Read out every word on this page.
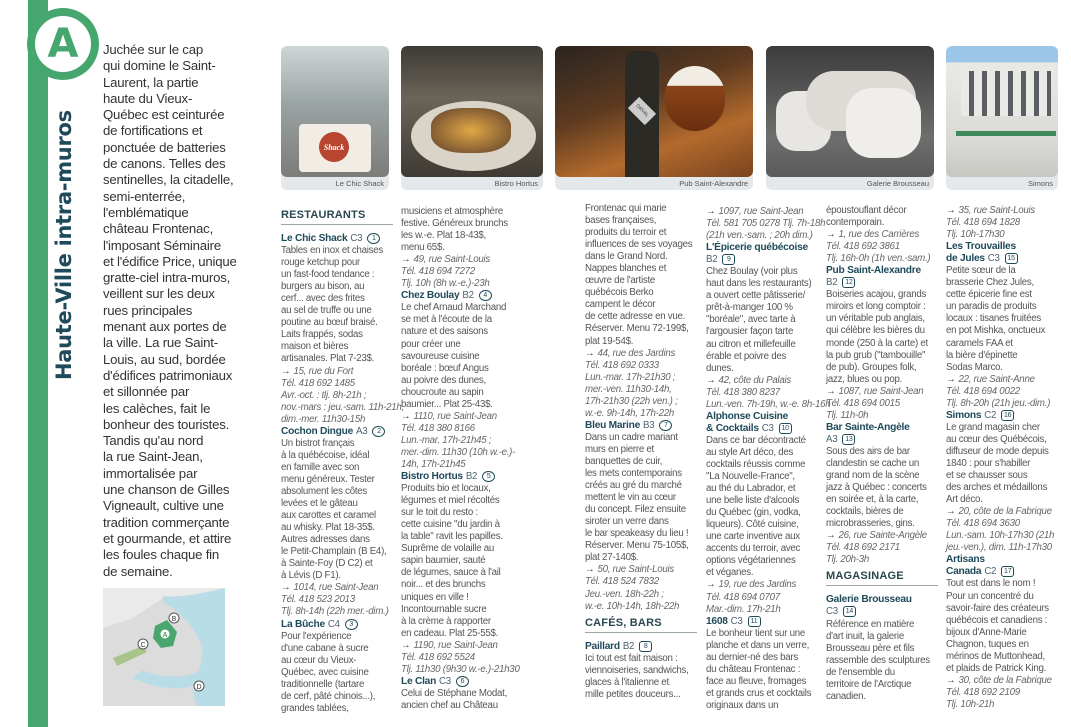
A
Haute-Ville intra-muros
Juchée sur le cap
qui domine le Saint-
Laurent, la partie
haute du Vieux-
Québec est ceinturée
de fortifications et
ponctuée de batteries
de canons. Telles des
sentinelles, la citadelle,
semi-enterrée,
l'emblématique
château Frontenac,
l'imposant Séminaire
et l'édifice Price, unique
gratte-ciel intra-muros,
veillent sur les deux
rues principales
menant aux portes de
la ville. La rue Saint-
Louis, au sud, bordée
d'édifices patrimoniaux
et sillonnée par
les calèches, fait le
bonheur des touristes.
Tandis qu'au nord
la rue Saint-Jean,
immortalisée par
une chanson de Gilles
Vigneault, cultive une
tradition commerçante
et gourmande, et attire
les foules chaque fin
de semaine.
A
B
C
D
Shack
Le Chic Shack	Bistro Hortus
ORVAL
Pub Saint-Alexandre	Galerie Brousseau	Simons
RESTAURANTS
Le Chic Shack C3 1
Tables en inox et chaises
rouge ketchup pour
un fast-food tendance :
burgers au bison, au
cerf... avec des frites
au sel de truffe ou une
poutine au bœuf braisé.
Laits frappés, sodas
maison et bières
artisanales. Plat 7-23$.
→ 15, rue du Fort
Tél. 418 692 1485
Avr.-oct. : tlj. 8h-21h ;
nov.-mars : jeu.-sam. 11h-21h,
dim.-mer. 11h30-15h
Cochon Dingue A3 2
Un bistrot français
à la québécoise, idéal
en famille avec son
menu généreux. Tester
absolument les côtes
levées et le gâteau
aux carottes et caramel
au whisky. Plat 18-35$.
Autres adresses dans
le Petit-Champlain (B E4),
à Sainte-Foy (D C2) et
à Lévis (D F1).
→ 1014, rue Saint-Jean
Tél. 418 523 2013
Tlj. 8h-14h (22h mer.-dim.)
La Bûche C4 3
Pour l'expérience
d'une cabane à sucre
au cœur du Vieux-
Québec, avec cuisine
traditionnelle (tartare
de cerf, pâté chinois...),
grandes tablées,
musiciens et atmosphère
festive. Généreux brunchs
les w.-e. Plat 18-43$,
menu 65$.
→ 49, rue Saint-Louis
Tél. 418 694 7272
Tlj. 10h (8h w.-e.)-23h
Chez Boulay B2 4
Le chef Arnaud Marchand
se met à l'écoute de la
nature et des saisons
pour créer une
savoureuse cuisine
boréale : bœuf Angus
au poivre des dunes,
choucroute au sapin
baumier... Plat 25-43$.
→ 1110, rue Saint-Jean
Tél. 418 380 8166
Lun.-mar. 17h-21h45 ;
mer.-dim. 11h30 (10h w.-e.)-
14h, 17h-21h45
Bistro Hortus B2 5
Produits bio et locaux,
légumes et miel récoltés
sur le toit du resto :
cette cuisine "du jardin à
la table" ravit les papilles.
Suprême de volaille au
sapin baumier, sauté
de légumes, sauce à l'ail
noir... et des brunchs
uniques en ville !
Incontournable sucre
à la crème à rapporter
en cadeau. Plat 25-55$.
→ 1190, rue Saint-Jean
Tél. 418 692 5524
Tlj. 11h30 (9h30 w.-e.)-21h30
Le Clan C3 6
Celui de Stéphane Modat,
ancien chef au Château
Frontenac qui marie
bases françaises,
produits du terroir et
influences de ses voyages
dans le Grand Nord.
Nappes blanches et
œuvre de l'artiste
québécois Berko
campent le décor
de cette adresse en vue.
Réserver. Menu 72-199$,
plat 19-54$.
→ 44, rue des Jardins
Tél. 418 692 0333
Lun.-mar. 17h-21h30 ;
mer.-ven. 11h30-14h,
17h-21h30 (22h ven.) ;
w.-e. 9h-14h, 17h-22h
Bleu Marine B3 7
Dans un cadre mariant
murs en pierre et
banquettes de cuir,
les mets contemporains
créés au gré du marché
mettent le vin au cœur
du concept. Filez ensuite
siroter un verre dans
le bar speakeasy du lieu !
Réserver. Menu 75-105$,
plat 27-140$.
→ 50, rue Saint-Louis
Tél. 418 524 7832
Jeu.-ven. 18h-22h ;
w.-e. 10h-14h, 18h-22h
CAFÉS, BARS
Paillard B2 8
Ici tout est fait maison :
viennoiseries, sandwichs,
glaces à l'italienne et
mille petites douceurs...
→ 1097, rue Saint-Jean
Tél. 581 705 0278 Tlj. 7h-18h
(21h ven.-sam. ; 20h dim.)
L'Épicerie québécoise
B2 9
Chez Boulay (voir plus
haut dans les restaurants)
a ouvert cette pâtisserie/
prêt-à-manger 100 %
"boréale", avec tarte à
l'argousier façon tarte
au citron et millefeuille
érable et poivre des
dunes.
→ 42, côte du Palais
Tél. 418 380 8237
Lun.-ven. 7h-19h, w.-e. 8h-16h
Alphonse Cuisine
& Cocktails C3 10
Dans ce bar décontracté
au style Art déco, des
cocktails réussis comme
"La Nouvelle-France",
au thé du Labrador, et
une belle liste d'alcools
du Québec (gin, vodka,
liqueurs). Côté cuisine,
une carte inventive aux
accents du terroir, avec
options végétariennes
et véganes.
→ 19, rue des Jardins
Tél. 418 694 0707
Mar.-dim. 17h-21h
1608 C3 11
Le bonheur tient sur une
planche et dans un verre,
au dernier-né des bars
du château Frontenac :
face au fleuve, fromages
et grands crus et cocktails
originaux dans un
époustouflant décor
contemporain.
→ 1, rue des Carrières
Tél. 418 692 3861
Tlj. 16h-0h (1h ven.-sam.)
Pub Saint-Alexandre
B2 12
Boiseries acajou, grands
miroirs et long comptoir :
un véritable pub anglais,
qui célèbre les bières du
monde (250 à la carte) et
la pub grub ("tambouille"
de pub). Groupes folk,
jazz, blues ou pop.
→ 1087, rue Saint-Jean
Tél. 418 694 0015
Tlj. 11h-0h
Bar Sainte-Angèle
A3 13
Sous des airs de bar
clandestin se cache un
grand nom de la scène
jazz à Québec : concerts
en soirée et, à la carte,
cocktails, bières de
microbrasseries, gins.
→ 26, rue Sainte-Angèle
Tél. 418 692 2171
Tlj. 20h-3h
MAGASINAGE
Galerie Brousseau
C3 14
Référence en matière
d'art inuit, la galerie
Brousseau père et fils
rassemble des sculptures
de l'ensemble du
territoire de l'Arctique
canadien.
→ 35, rue Saint-Louis
Tél. 418 694 1828
Tlj. 10h-17h30
Les Trouvailles
de Jules C3 15
Petite sœur de la
brasserie Chez Jules,
cette épicerie fine est
un paradis de produits
locaux : tisanes fruitées
en pot Mishka, onctueux
caramels FAA et
la bière d'épinette
Sodas Marco.
→ 22, rue Saint-Anne
Tél. 418 694 0022
Tlj. 8h-20h (21h jeu.-dim.)
Simons C2 16
Le grand magasin cher
au cœur des Québécois,
diffuseur de mode depuis
1840 : pour s'habiller
et se chausser sous
des arches et médaillons
Art déco.
→ 20, côte de la Fabrique
Tél. 418 694 3630
Lun.-sam. 10h-17h30 (21h
jeu.-ven.), dim. 11h-17h30
Artisans
Canada C2 17
Tout est dans le nom !
Pour un concentré du
savoir-faire des créateurs
québécois et canadiens :
bijoux d'Anne-Marie
Chagnon, tuques en
mérinos de Muttonhead,
et plaids de Patrick King.
→ 30, côte de la Fabrique
Tél. 418 692 2109
Tlj. 10h-21h
